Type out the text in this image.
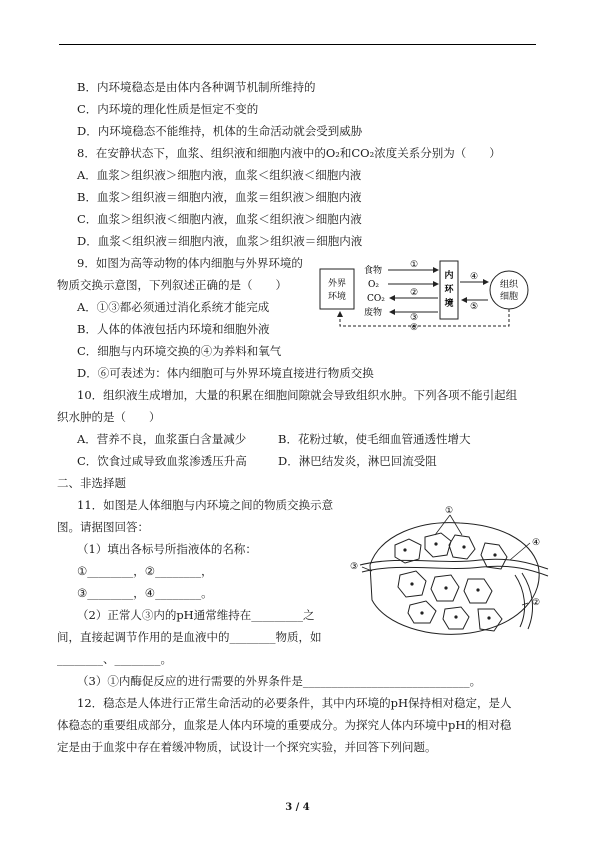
B．内环境稳态是由体内各种调节机制所维持的
C．内环境的理化性质是恒定不变的
D．内环境稳态不能维持，机体的生命活动就会受到威胁
8．在安静状态下，血浆、组织液和细胞内液中的O₂和CO₂浓度关系分别为（　　）
A．血浆＞组织液＞细胞内液，血浆＜组织液＜细胞内液
B．血浆＞组织液＝细胞内液，血浆＝组织液＞细胞内液
C．血浆＞组织液＜细胞内液，血浆＜组织液＞细胞内液
D．血浆＜组织液＝细胞内液，血浆＞组织液＝细胞内液
9．如图为高等动物的体内细胞与外界环境的
物质交换示意图，下列叙述正确的是（　　）
A．①③都必须通过消化系统才能完成
B．人体的体液包括内环境和细胞外液
C．细胞与内环境交换的④为养料和氧气
D．⑥可表述为：体内细胞可与外界环境直接进行物质交换
外界
环境
食物
O₂
CO₂
废物
①
②
③
内
环
境
④
⑤
组织
细胞
⑥
10．组织液生成增加，大量的积累在细胞间隙就会导致组织水肿。下列各项不能引起组
织水肿的是（　　）
A．营养不良，血浆蛋白含量减少	B．花粉过敏，使毛细血管通透性增大
C．饮食过咸导致血浆渗透压升高	D．淋巴结发炎，淋巴回流受阻
二、非选择题
11．如图是人体细胞与内环境之间的物质交换示意
图。请据图回答：
（1）填出各标号所指液体的名称：
①________，②________，
③________，④________。
（2）正常人③内的pH通常维持在_________之
间，直接起调节作用的是血液中的________物质，如
________、________。
（3）①内酶促反应的进行需要的外界条件是_____________________________。
①
②
③
④
12．稳态是人体进行正常生命活动的必要条件，其中内环境的pH保持相对稳定，是人
体稳态的重要组成部分，血浆是人体内环境的重要成分。为探究人体内环境中pH的相对稳
定是由于血浆中存在着缓冲物质，试设计一个探究实验，并回答下列问题。
3 / 4
